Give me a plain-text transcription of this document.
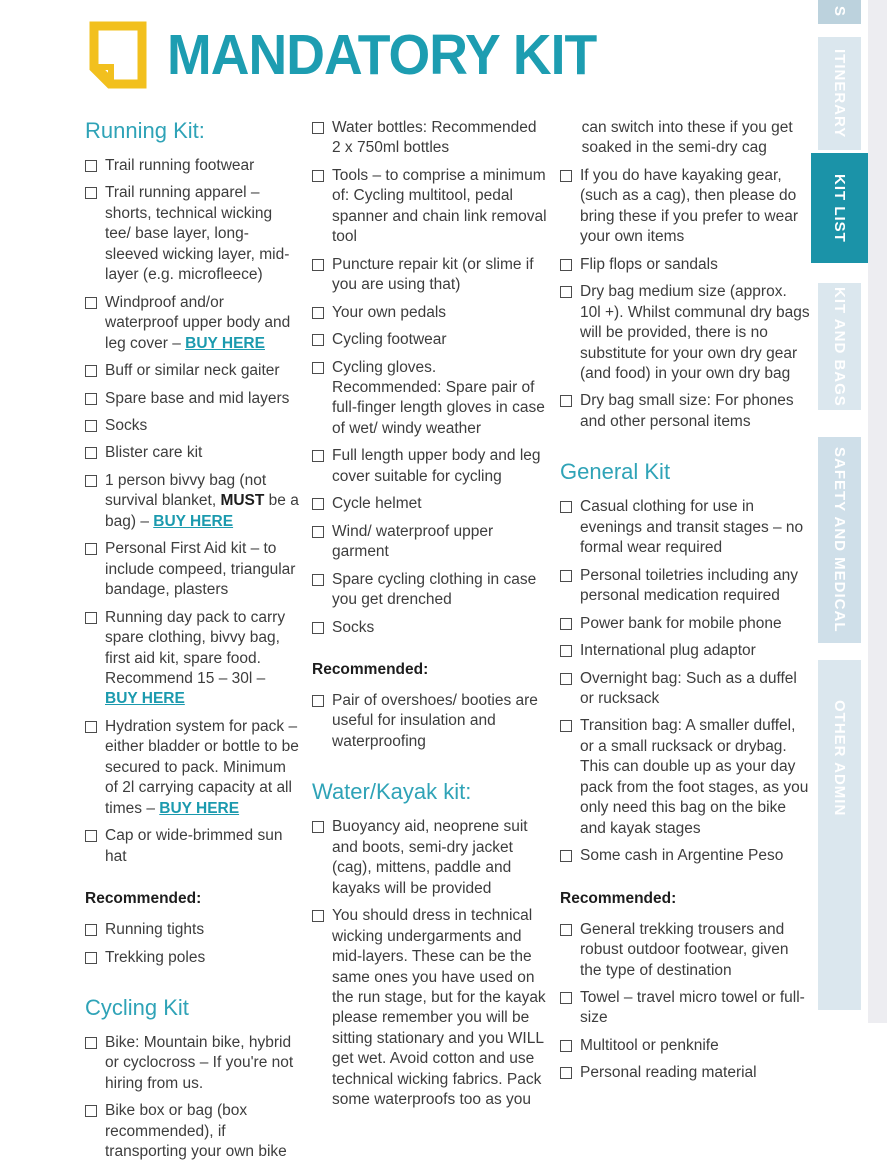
MANDATORY KIT
Running Kit:
Trail running footwear
Trail running apparel – shorts, technical wicking tee/ base layer, long-sleeved wicking layer, mid-layer (e.g. microfleece)
Windproof and/or waterproof upper body and leg cover – BUY HERE
Buff or similar neck gaiter
Spare base and mid layers
Socks
Blister care kit
1 person bivvy bag (not survival blanket, MUST be a bag) – BUY HERE
Personal First Aid kit – to include compeed, triangular bandage, plasters
Running day pack to carry spare clothing, bivvy bag, first aid kit, spare food. Recommend 15 – 30l – BUY HERE
Hydration system for pack – either bladder or bottle to be secured to pack. Minimum of 2l carrying capacity at all times – BUY HERE
Cap or wide-brimmed sun hat
Recommended:
Running tights
Trekking poles
Cycling Kit
Bike: Mountain bike, hybrid or cyclocross – If you're not hiring from us.
Bike box or bag (box recommended), if transporting your own bike
Water bottles: Recommended 2 x 750ml bottles
Tools – to comprise a minimum of: Cycling multitool, pedal spanner and chain link removal tool
Puncture repair kit (or slime if you are using that)
Your own pedals
Cycling footwear
Cycling gloves. Recommended: Spare pair of full-finger length gloves in case of wet/ windy weather
Full length upper body and leg cover suitable for cycling
Cycle helmet
Wind/ waterproof upper garment
Spare cycling clothing in case you get drenched
Socks
Recommended:
Pair of overshoes/ booties are useful for insulation and waterproofing
Water/Kayak kit:
Buoyancy aid, neoprene suit and boots, semi-dry jacket (cag), mittens, paddle and kayaks will be provided
You should dress in technical wicking undergarments and mid-layers. These can be the same ones you have used on the run stage, but for the kayak please remember you will be sitting stationary and you WILL get wet. Avoid cotton and use technical wicking fabrics. Pack some waterproofs too as you
can switch into these if you get soaked in the semi-dry cag
If you do have kayaking gear, (such as a cag), then please do bring these if you prefer to wear your own items
Flip flops or sandals
Dry bag medium size (approx. 10l +). Whilst communal dry bags will be provided, there is no substitute for your own dry gear (and food) in your own dry bag
Dry bag small size: For phones and other personal items
General Kit
Casual clothing for use in evenings and transit stages – no formal wear required
Personal toiletries including any personal medication required
Power bank for mobile phone
International plug adaptor
Overnight bag: Such as a duffel or rucksack
Transition bag: A smaller duffel, or a small rucksack or drybag. This can double up as your day pack from the foot stages, as you only need this bag on the bike and kayak stages
Some cash in Argentine Peso
Recommended:
General trekking trousers and robust outdoor footwear, given the type of destination
Towel – travel micro towel or full-size
Multitool or penknife
Personal reading material
S
ITINERARY
KIT LIST
KIT AND BAGS
SAFETY AND MEDICAL
OTHER ADMIN
